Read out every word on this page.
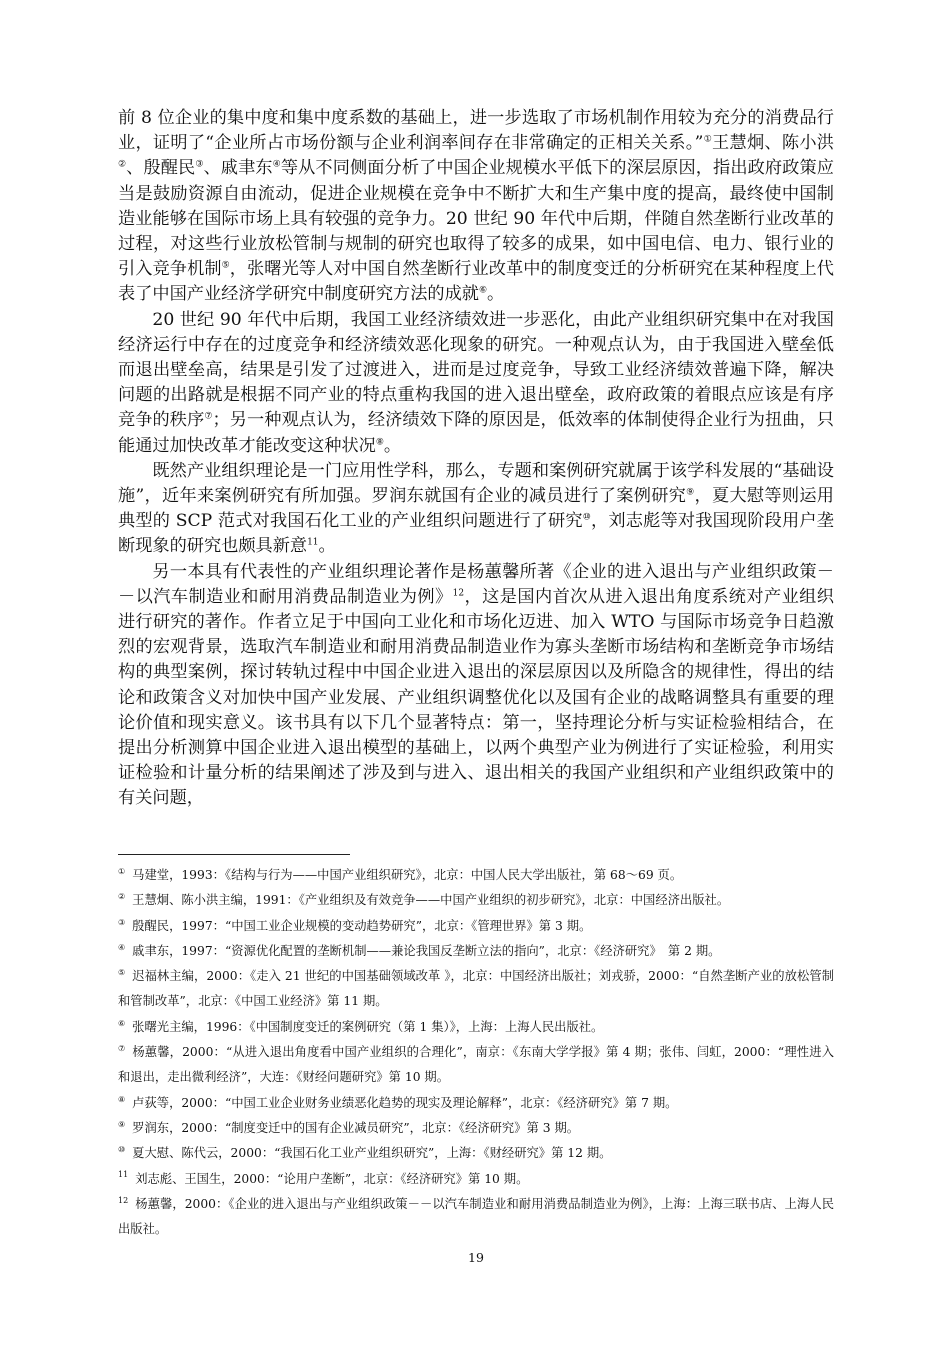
前 8 位企业的集中度和集中度系数的基础上，进一步选取了市场机制作用较为充分的消费品行业，证明了“企业所占市场份额与企业利润率间存在非常确定的正相关关系。”①王慧炯、陈小洪②、殷醒民③、戚聿东④等从不同侧面分析了中国企业规模水平低下的深层原因，指出政府政策应当是鼓励资源自由流动，促进企业规模在竞争中不断扩大和生产集中度的提高，最终使中国制造业能够在国际市场上具有较强的竞争力。20 世纪 90 年代中后期，伴随自然垄断行业改革的过程，对这些行业放松管制与规制的研究也取得了较多的成果，如中国电信、电力、银行业的引入竞争机制⑤，张曙光等人对中国自然垄断行业改革中的制度变迁的分析研究在某种程度上代表了中国产业经济学研究中制度研究方法的成就⑥。

20 世纪 90 年代中后期，我国工业经济绩效进一步恶化，由此产业组织研究集中在对我国经济运行中存在的过度竞争和经济绩效恶化现象的研究。一种观点认为，由于我国进入壁垒低而退出壁垒高，结果是引发了过渡进入，进而是过度竞争，导致工业经济绩效普遍下降，解决问题的出路就是根据不同产业的特点重构我国的进入退出壁垒，政府政策的着眼点应该是有序竞争的秩序⑦；另一种观点认为，经济绩效下降的原因是，低效率的体制使得企业行为扭曲，只能通过加快改革才能改变这种状况⑧。

既然产业组织理论是一门应用性学科，那么，专题和案例研究就属于该学科发展的“基础设施”，近年来案例研究有所加强。罗润东就国有企业的减员进行了案例研究⑨，夏大慰等则运用典型的 SCP 范式对我国石化工业的产业组织问题进行了研究⑩，刘志彪等对我国现阶段用户垄断现象的研究也颇具新意$^{11}$。

另一本具有代表性的产业组织理论著作是杨蕙馨所著《企业的进入退出与产业组织政策－－以汽车制造业和耐用消费品制造业为例》$^{12}$，这是国内首次从进入退出角度系统对产业组织进行研究的著作。作者立足于中国向工业化和市场化迈进、加入 WTO 与国际市场竞争日趋激烈的宏观背景，选取汽车制造业和耐用消费品制造业作为寡头垄断市场结构和垄断竞争市场结构的典型案例，探讨转轨过程中中国企业进入退出的深层原因以及所隐含的规律性，得出的结论和政策含义对加快中国产业发展、产业组织调整优化以及国有企业的战略调整具有重要的理论价值和现实意义。该书具有以下几个显著特点：第一，坚持理论分析与实证检验相结合，在提出分析测算中国企业进入退出模型的基础上，以两个典型产业为例进行了实证检验，利用实证检验和计量分析的结果阐述了涉及到与进入、退出相关的我国产业组织和产业组织政策中的有关问题，

① 马建堂，1993：《结构与行为——中国产业组织研究》，北京：中国人民大学出版社，第 68～69 页。

② 王慧炯、陈小洪主编，1991：《产业组织及有效竞争——中国产业组织的初步研究》，北京：中国经济出版社。

③ 殷醒民，1997：“中国工业企业规模的变动趋势研究”，北京：《管理世界》第 3 期。

④ 戚聿东，1997：“资源优化配置的垄断机制——兼论我国反垄断立法的指向”，北京：《经济研究》　第 2 期。

⑤ 迟福林主编，2000：《走入 21 世纪的中国基础领域改革 》，北京：中国经济出版社；刘戎骄，2000：“自然垄断产业的放松管制和管制改革”，北京：《中国工业经济》第 11 期。

⑥ 张曙光主编，1996：《中国制度变迁的案例研究（第 1 集）》，上海：上海人民出版社。

⑦ 杨蕙馨，2000：“从进入退出角度看中国产业组织的合理化”，南京：《东南大学学报》第 4 期；张伟、闫虹，2000：“理性进入和退出，走出微利经济”，大连：《财经问题研究》第 10 期。

⑧ 卢荻等，2000：“中国工业企业财务业绩恶化趋势的现实及理论解释”，北京：《经济研究》第 7 期。

⑨ 罗润东，2000：“制度变迁中的国有企业减员研究”，北京：《经济研究》第 3 期。

⑩ 夏大慰、陈代云，2000：“我国石化工业产业组织研究”，上海：《财经研究》第 12 期。

$^{11}$ 刘志彪、王国生，2000：“论用户垄断”，北京：《经济研究》第 10 期。

$^{12}$ 杨蕙馨，2000：《企业的进入退出与产业组织政策－－以汽车制造业和耐用消费品制造业为例》，上海：上海三联书店、上海人民出版社。

19
